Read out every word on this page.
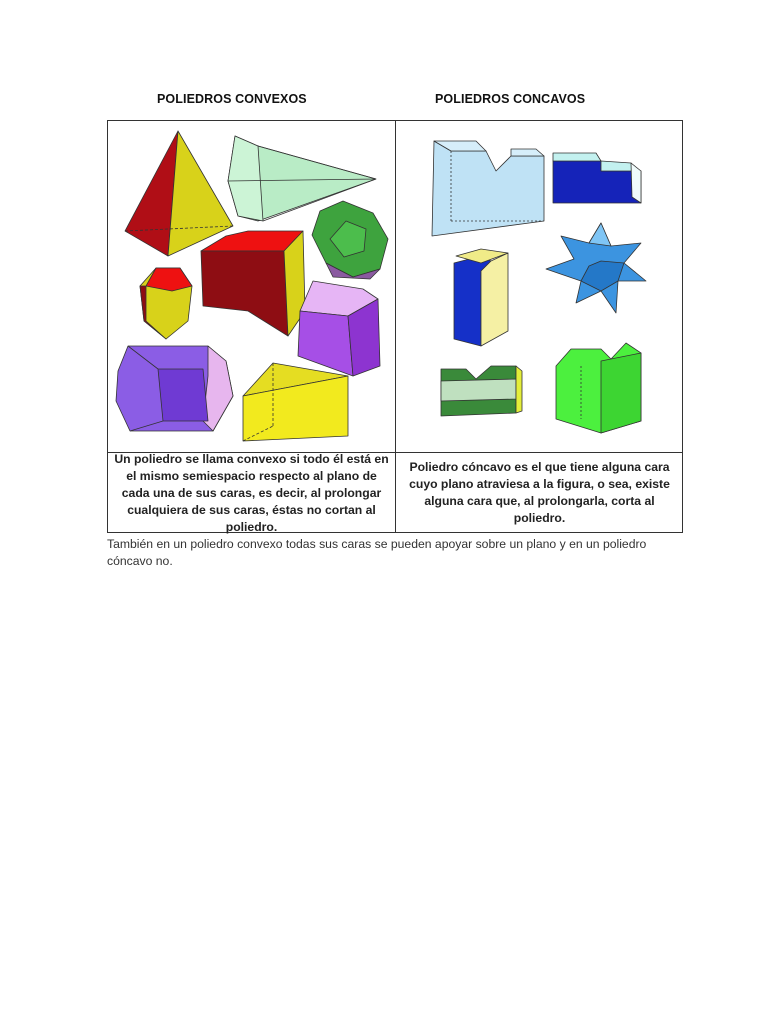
POLIEDROS CONVEXOS	POLIEDROS CONCAVOS
Un poliedro se llama convexo si todo él está en el mismo semiespacio respecto al plano de cada una de sus caras, es decir, al prolongar cualquiera de sus caras, éstas no cortan al poliedro.
Poliedro cóncavo es el que tiene alguna cara cuyo plano atraviesa a la figura, o sea, existe alguna cara que, al prolongarla, corta al poliedro.
También en un poliedro convexo todas sus caras se pueden apoyar sobre un plano y en un poliedro cóncavo no.
